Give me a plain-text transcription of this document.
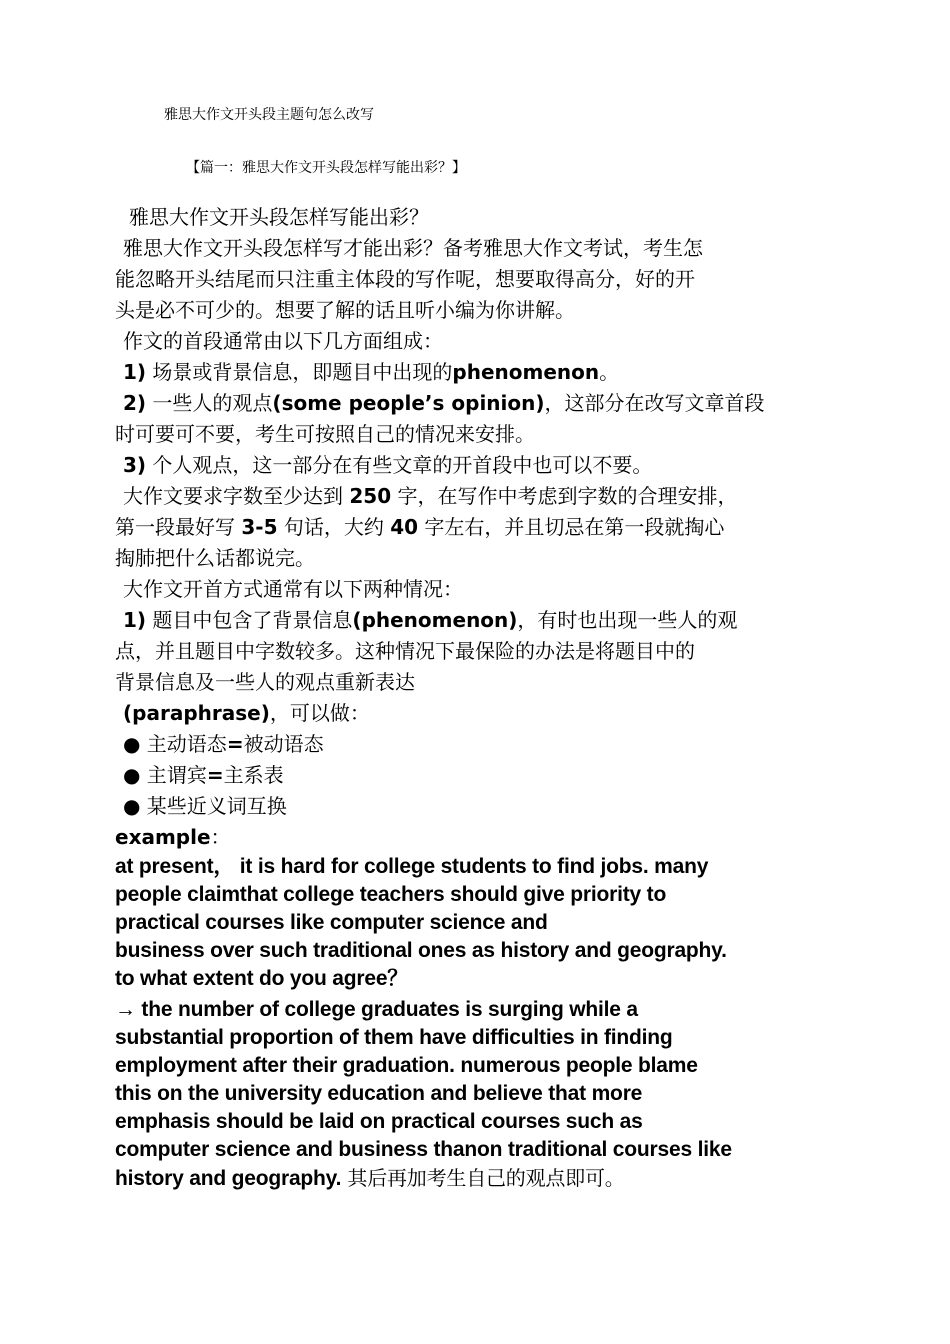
雅思大作文开头段主题句怎么改写
【篇一：雅思大作文开头段怎样写能出彩？】

雅思大作文开头段怎样写能出彩？

雅思大作文开头段怎样写才能出彩？备考雅思大作文考试，考生怎

能忽略开头结尾而只注重主体段的写作呢，想要取得高分，好的开

头是必不可少的。想要了解的话且听小编为你讲解。

作文的首段通常由以下几方面组成：

1) 场景或背景信息，即题目中出现的phenomenon。

2) 一些人的观点(some people’s opinion)，这部分在改写文章首段

时可要可不要，考生可按照自己的情况来安排。

3) 个人观点，这一部分在有些文章的开首段中也可以不要。

大作文要求字数至少达到 250 字，在写作中考虑到字数的合理安排，

第一段最好写 3-5 句话，大约 40 字左右，并且切忌在第一段就掏心

掏肺把什么话都说完。

大作文开首方式通常有以下两种情况：

1) 题目中包含了背景信息(phenomenon)，有时也出现一些人的观

点，并且题目中字数较多。这种情况下最保险的办法是将题目中的

背景信息及一些人的观点重新表达

(paraphrase)，可以做：

● 主动语态=被动语态

● 主谓宾=主系表

● 某些近义词互换

example：

at present， it is hard for college students to find jobs. many

people claimthat college teachers should give priority to

practical courses like computer science and

business over such traditional ones as history and geography.

to what extent do you agree？

→ the number of college graduates is surging while a

substantial proportion of them have difficulties in finding

employment after their graduation. numerous people blame

this on the university education and believe that more

emphasis should be laid on practical courses such as

computer science and business thanon traditional courses like

history and geography. 其后再加考生自己的观点即可。
